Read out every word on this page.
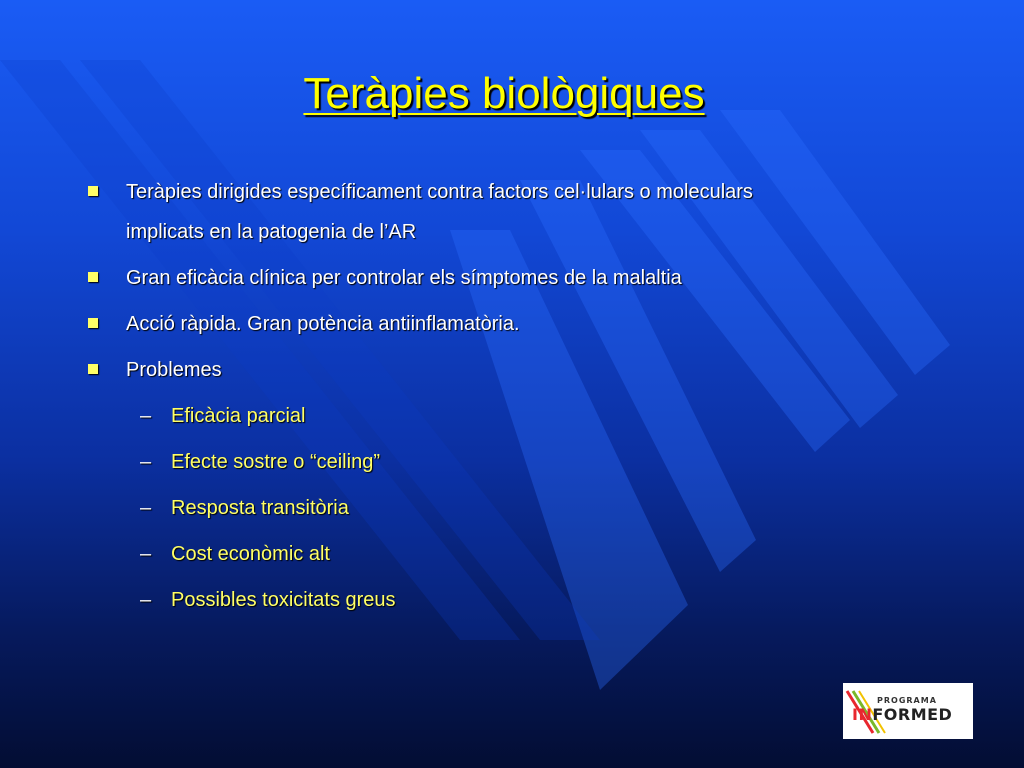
Teràpies biològiques
Teràpies dirigides específicament contra factors cel·lulars o moleculars implicats en la patogenia de l’AR
Gran eficàcia clínica per controlar els símptomes de la malaltia
Acció ràpida. Gran potència antiinflamatòria.
Problemes
– Eficàcia parcial
– Efecte sostre o “ceiling”
– Resposta transitòria
– Cost econòmic alt
– Possibles toxicitats greus
PROGRAMA
INFORMED
